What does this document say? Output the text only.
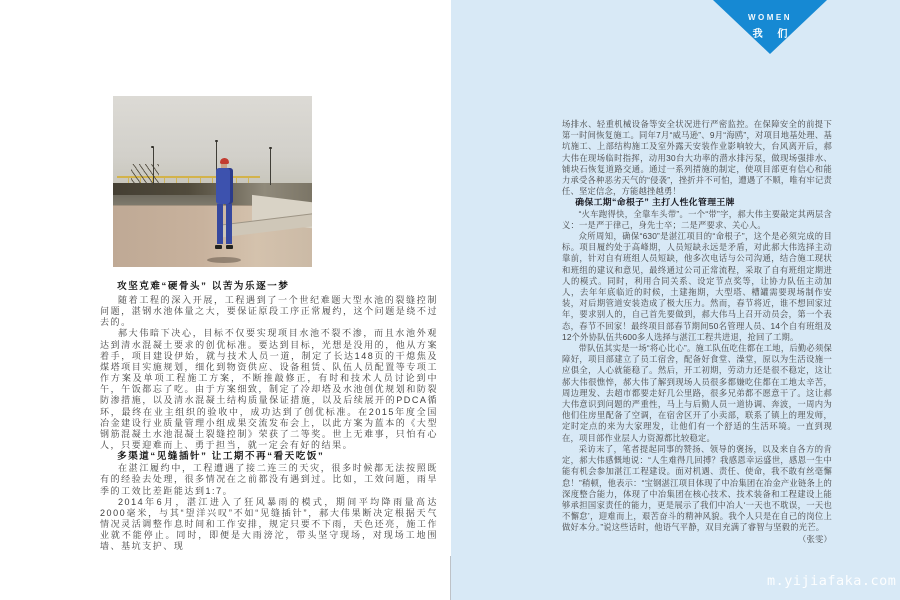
攻坚克难“硬骨头” 以苦为乐逐一梦

随着工程的深入开展，工程遇到了一个世纪难题大型水池的裂缝控制问题，湛钢水池体量之大，要保证原段工序正常履约，这个问题是绕不过去的。

郝大伟暗下决心，目标不仅要实现项目水池不裂不渗，而且水池外观达到清水混凝土要求的创优标准。要达到目标，光想是没用的，他从方案着手，项目建设伊始，就与技术人员一道，制定了长达148页的干熄焦及煤塔项目实施规划，细化到物资供应、设备租赁、队伍人员配置等专项工作方案及单项工程施工方案，不断推敲修正，有时和技术人员讨论到中午，午饭都忘了吃。由于方案细致，制定了冷却塔及水池创优规划和防裂防渗措施，以及清水混凝土结构质量保证措施，以及后续展开的PDCA循环，最终在业主组织的验收中，成功达到了创优标准。在2015年度全国冶金建设行业质量管理小组成果交流发布会上，以此方案为蓝本的《大型钢筋混凝土水池混凝土裂缝控制》荣获了二等奖。世上无难事，只怕有心人，只要迎难而上、勇于担当，就一定会有好的结果。

多渠道“见缝插针” 让工期不再“看天吃饭”

在湛江履约中，工程遭遇了接二连三的天灾，很多时候都无法按照既有的经验去处理，很多情况在之前都没有遇到过。比如，工效问题，雨旱季的工效比差距能达到1:7。

2014年6月，湛江进入了狂风暴雨的模式，期间平均降雨量高达2000毫米，与其“望洋兴叹”不如“见缝插针”，郝大伟果断决定根据天气情况灵活调整作息时间和工作安排，规定只要不下雨，天色还亮，施工作业就不能停止。同时，即便是大雨滂沱，带头坚守现场，对现场工地围墙、基坑支护、现

WOMEN
我 们

场排水、轻重机械设备等安全状况进行严密监控。在保障安全的前提下第一时间恢复施工。同年7月“威马逊”、9月“海鸥”，对项目地基处理、基坑施工、上部结构施工及室外露天安装作业影响较大，台风离开后，郝大伟在现场临时指挥，动用30台大功率的潜水排污泵，做现场强排水、铺块石恢复道路交通。通过一系列措施的制定，使项目部更有信心和能力承受各种恶劣天气的“侵袭”，挫折并不可怕，遭遇了不顺，唯有牢记责任、坚定信念，方能越挫越勇！

确保工期“命根子” 主打人性化管理王牌

“火车跑得快，全靠车头带”。一个“带”字，郝大伟主要敲定其两层含义：一是严于律己，身先士卒；二是严要求、关心人。

众所周知，确保“630”是湛江项目的“命根子”，这个是必须完成的目标。项目履约处于高峰期，人员短缺永远是矛盾，对此郝大伟选择主动靠前，针对自有班组人员短缺，他多次电话与公司沟通，结合施工现状和班组的建议和意见，最终通过公司正常流程，采取了自有班组定期进人的模式。同时，利用合同关系、设定节点奖等，让协力队伍主动加人，去年年底临近的时候，土建拖期，大型塔、槽罐需要现场制作安装，对后期管道安装造成了极大压力。然而，春节将近，谁不想回家过年，要求别人的，自己首先要做到，郝大伟马上召开动员会，第一个表态，春节不回家！最终项目部春节期间50名管理人员、14个自有班组及12个外协队伍共600多人选择与湛江工程共进退，抢回了工期。

带队伍其实是一场“将心比心”。施工队伍吃住都在工地，后勤必须保障好，项目部建立了员工宿舍，配备好食堂、澡堂，原以为生活设施一应俱全，人心就能稳了。然后，开工初期，劳动力还是很不稳定，这让郝大伟很憔悴，郝大伟了解到现场人员很多都嫌吃住都在工地太辛苦，周边理发、去超市都要走好几公里路，很多兄弟都不愿意干了。这让郝大伟意识到问题的严重性，马上与后勤人员一道协调、奔波，一周内为他们住房里配备了空调，在宿舍区开了小卖部，联系了镇上的理发师，定时定点的来为大家理发，让他们有一个舒适的生活环境。一直到现在，项目部作业层人力资源都比较稳定。

采访末了，笔者提起同事的赞扬、领导的褒扬，以及来自各方的肯定，郝大伟感慨地说：“人生难得几回搏？我感恩幸运盛世，感恩一生中能有机会参加湛江工程建设。面对机遇、责任、使命，我不敢有丝毫懈怠！”稍顿，他表示：“宝钢湛江项目体现了中冶集团在冶金产业链条上的深度整合能力，体现了中冶集团在核心技术、技术装备和工程建设上能够承担国家责任的能力，更是展示了我们中冶人‘一天也不耽误，一天也不懈怠’，迎难而上，艰苦奋斗的精神风貌。我个人只是在自己的岗位上做好本分。”说这些话时，他语气平静，双目充满了睿智与坚毅的光芒。

（张雯）

m.yijiafaka.com
